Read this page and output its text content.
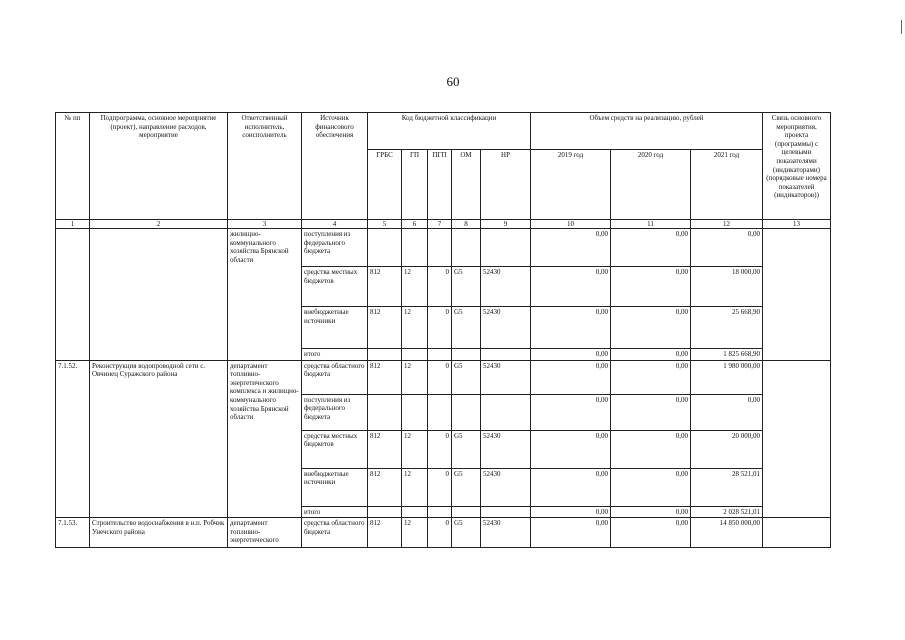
60
№ пп	Подпрограмма, основное мероприятие (проект), направление расходов, мероприятие	Ответственный исполнитель, соисполнитель	Источник финансового обеспечения	Код бюджетной классификации					Объем средств на реализацию, рублей			Связь основного мероприятия, проекта (программы) с целевыми показателями (индикаторами) (порядковые номера показателей (индикаторов))
				ГРБС	ГП	ПГП	ОМ	НР	2019 год	2020 год	2021 год	
1	2	3	4	5	6	7	8	9	10	11	12	13
		жилищно-коммунального хозяйства Брянской области	поступления из федерального бюджета						0,00	0,00	0,00	
			средства местных бюджетов	812	12	0	G5	52430	0,00	0,00	18 000,00	
			внебюджетные источники	812	12	0	G5	52430	0,00	0,00	25 668,90	
			итого						0,00	0,00	1 825 668,90	
7.1.52.	Реконструкция водопроводной сети с. Овчинец Суражского района	департамент топливно-энергетического комплекса и жилищно-коммунального хозяйства Брянской области	средства областного бюджета	812	12	0	G5	52430	0,00	0,00	1 980 000,00	
			поступления из федерального бюджета						0,00	0,00	0,00	
			средства местных бюджетов	812	12	0	G5	52430	0,00	0,00	20 000,00	
			внебюджетные источники	812	12	0	G5	52430	0,00	0,00	28 521,01	
			итого						0,00	0,00	2 028 521,01	
7.1.53.	Строительство водоснабжения в н.п. Робчик Унечского района	департамент топливно-энергетического	средства областного бюджета	812	12	0	G5	52430	0,00	0,00	14 850 000,00	
